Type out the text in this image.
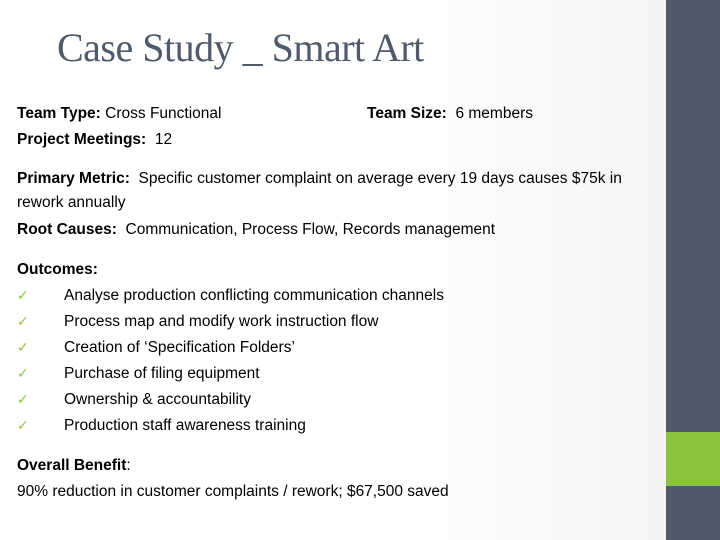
Case Study _ Smart Art
Team Type: Cross Functional	Team Size: 6 members
Project Meetings: 12
Primary Metric: Specific customer complaint on average every 19 days causes $75k in rework annually
Root Causes: Communication, Process Flow, Records management
Outcomes:
✓ Analyse production conflicting communication channels
✓ Process map and modify work instruction flow
✓ Creation of ‘Specification Folders’
✓ Purchase of filing equipment
✓ Ownership & accountability
✓ Production staff awareness training
Overall Benefit:
90% reduction in customer complaints / rework; $67,500 saved
